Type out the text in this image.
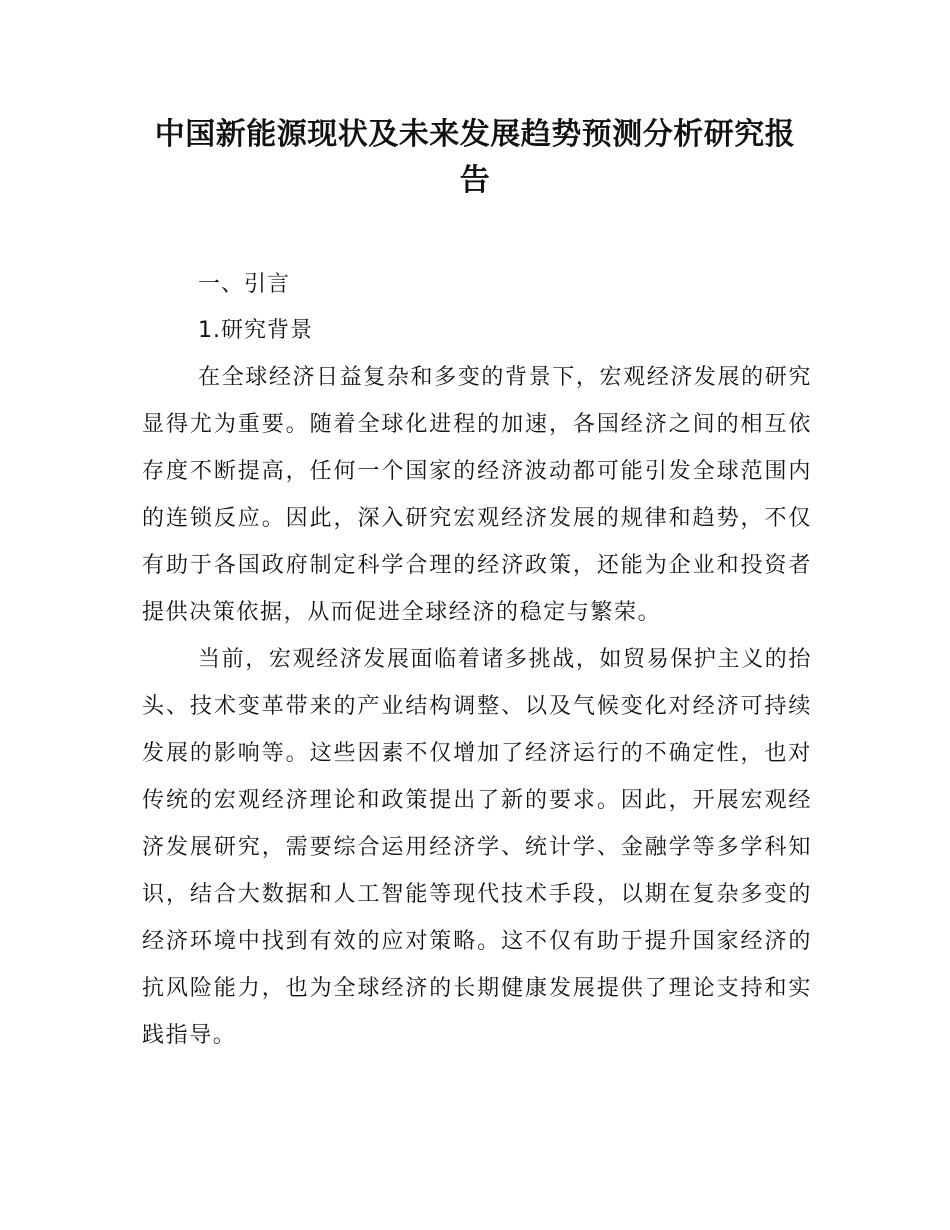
中国新能源现状及未来发展趋势预测分析研究报告

一、引言

1.研究背景

在全球经济日益复杂和多变的背景下，宏观经济发展的研究显得尤为重要。随着全球化进程的加速，各国经济之间的相互依存度不断提高，任何一个国家的经济波动都可能引发全球范围内的连锁反应。因此，深入研究宏观经济发展的规律和趋势，不仅有助于各国政府制定科学合理的经济政策，还能为企业和投资者提供决策依据，从而促进全球经济的稳定与繁荣。

当前，宏观经济发展面临着诸多挑战，如贸易保护主义的抬头、技术变革带来的产业结构调整、以及气候变化对经济可持续发展的影响等。这些因素不仅增加了经济运行的不确定性，也对传统的宏观经济理论和政策提出了新的要求。因此，开展宏观经济发展研究，需要综合运用经济学、统计学、金融学等多学科知识，结合大数据和人工智能等现代技术手段，以期在复杂多变的经济环境中找到有效的应对策略。这不仅有助于提升国家经济的抗风险能力，也为全球经济的长期健康发展提供了理论支持和实践指导。
